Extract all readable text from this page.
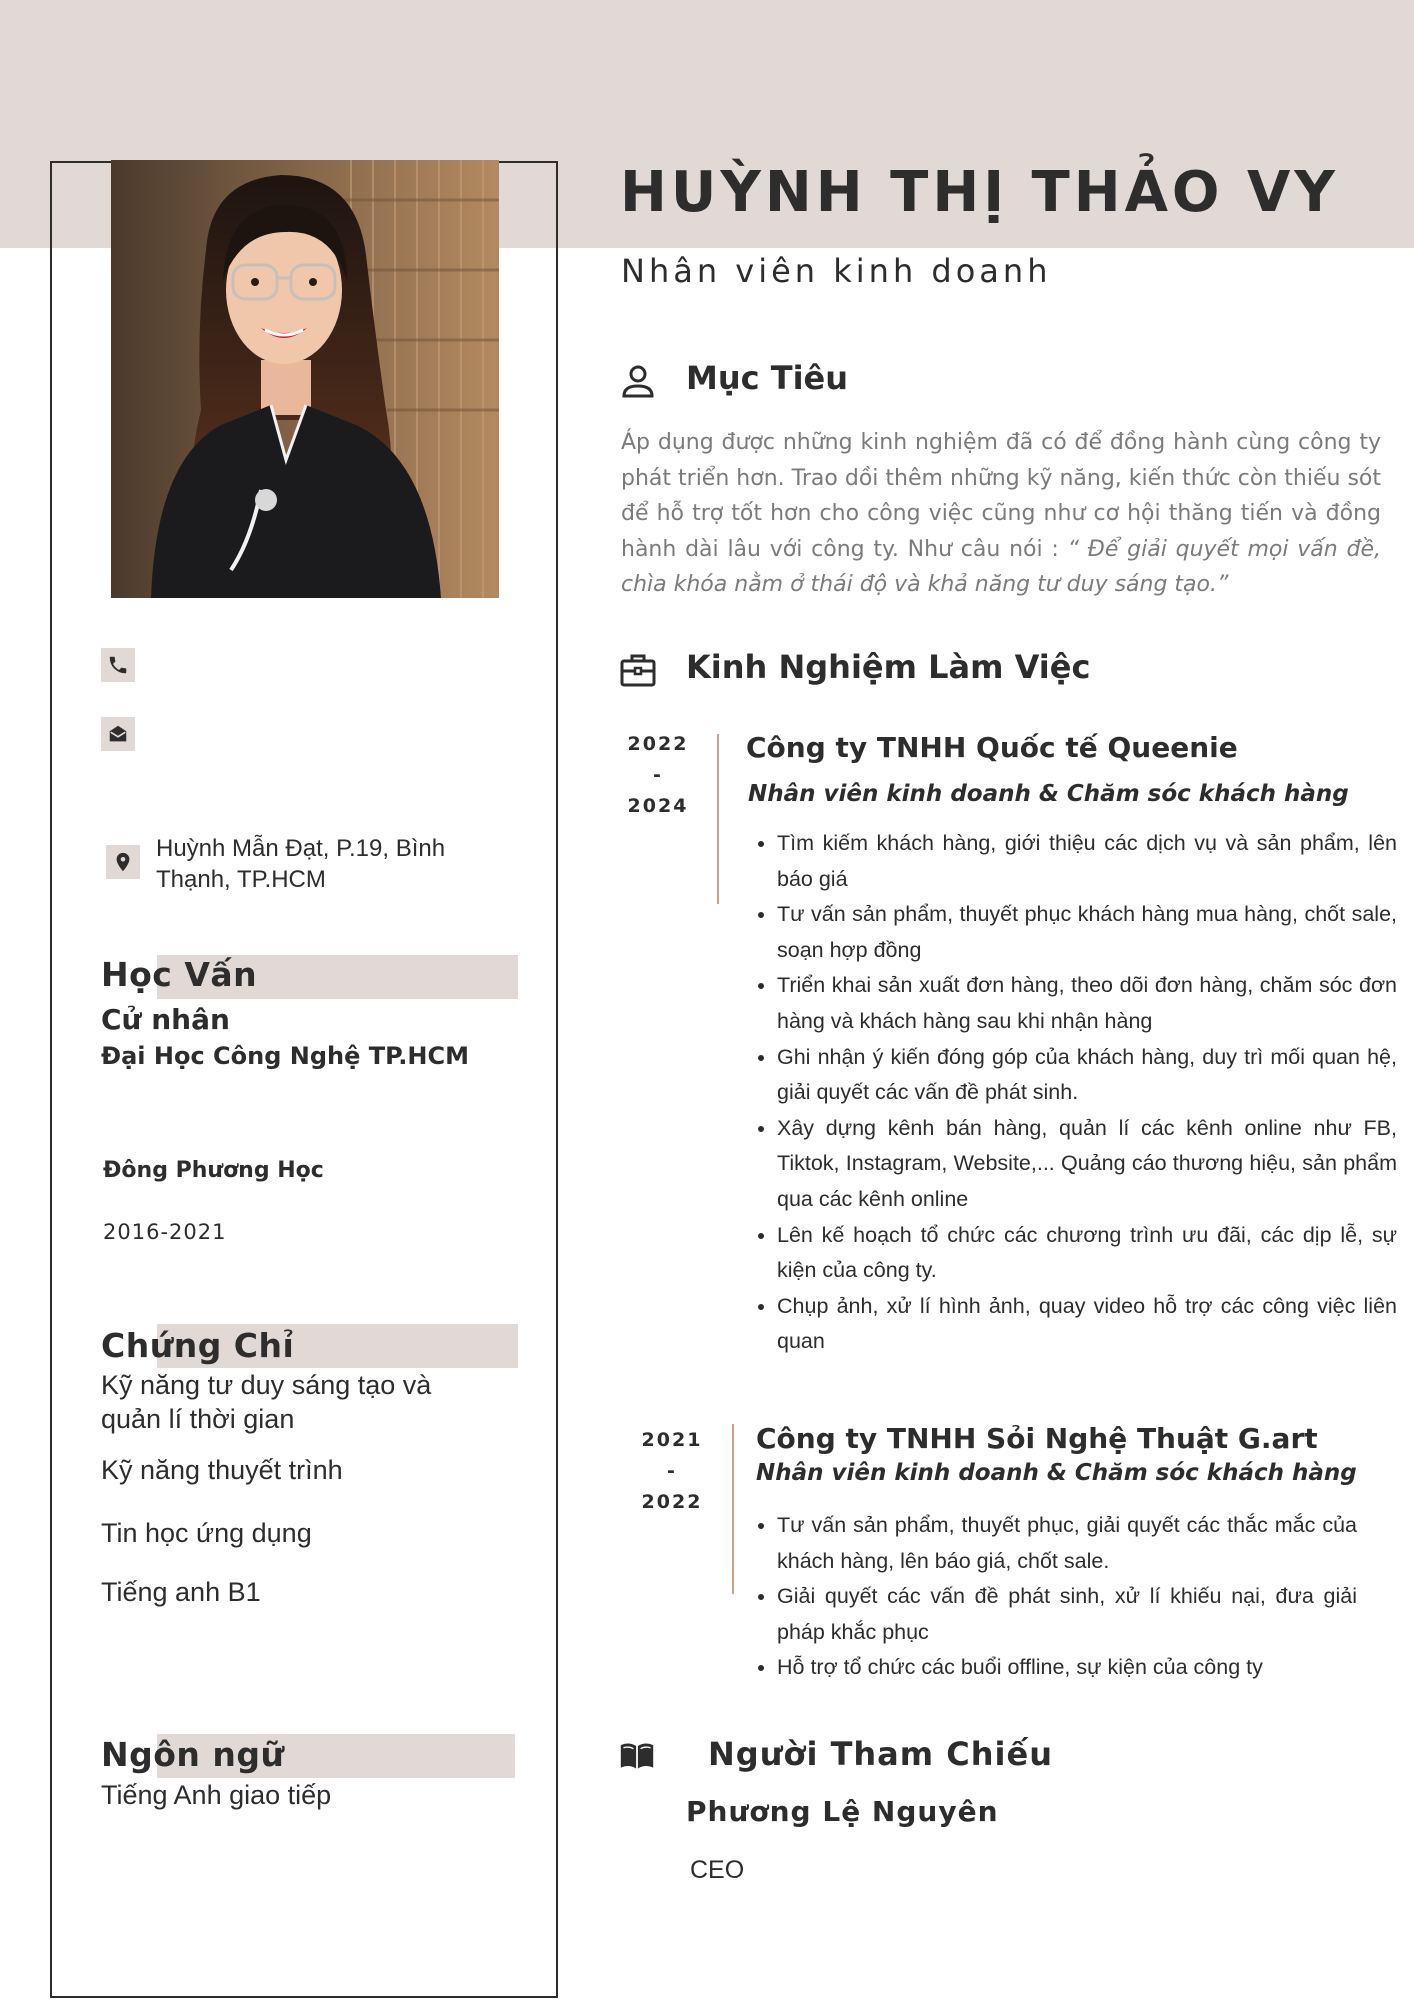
Huỳnh Mẫn Đạt, P.19, Bình
Thạnh, TP.HCM
Học Vấn
Cử nhân
Đại Học Công Nghệ TP.HCM
Đông Phương Học
2016-2021
Chứng Chỉ
Kỹ năng tư duy sáng tạo và
quản lí thời gian
Kỹ năng thuyết trình
Tin học ứng dụng
Tiếng anh B1
Ngôn ngữ
Tiếng Anh giao tiếp
HUỲNH THỊ THẢO VY
Nhân viên kinh doanh
Mục Tiêu
Áp dụng được những kinh nghiệm đã có để đồng hành cùng công ty phát triển hơn. Trao dồi thêm những kỹ năng, kiến thức còn thiếu sót để hỗ trợ tốt hơn cho công việc cũng như cơ hội thăng tiến và đồng hành dài lâu với công ty. Như câu nói : “ Để giải quyết mọi vấn đề, chìa khóa nằm ở thái độ và khả năng tư duy sáng tạo.”
Kinh Nghiệm Làm Việc
2022
-
2024
Công ty TNHH Quốc tế Queenie
Nhân viên kinh doanh & Chăm sóc khách hàng
• Tìm kiếm khách hàng, giới thiệu các dịch vụ và sản phẩm, lên báo giá
• Tư vấn sản phẩm, thuyết phục khách hàng mua hàng, chốt sale, soạn hợp đồng
• Triển khai sản xuất đơn hàng, theo dõi đơn hàng, chăm sóc đơn hàng và khách hàng sau khi nhận hàng
• Ghi nhận ý kiến đóng góp của khách hàng, duy trì mối quan hệ, giải quyết các vấn đề phát sinh.
• Xây dựng kênh bán hàng, quản lí các kênh online như FB, Tiktok, Instagram, Website,... Quảng cáo thương hiệu, sản phẩm qua các kênh online
• Lên kế hoạch tổ chức các chương trình ưu đãi, các dịp lễ, sự kiện của công ty.
• Chụp ảnh, xử lí hình ảnh, quay video hỗ trợ các công việc liên quan
2021
-
2022
Công ty TNHH Sỏi Nghệ Thuật G.art
Nhân viên kinh doanh & Chăm sóc khách hàng
• Tư vấn sản phẩm, thuyết phục, giải quyết các thắc mắc của khách hàng, lên báo giá, chốt sale.
• Giải quyết các vấn đề phát sinh, xử lí khiếu nại, đưa giải pháp khắc phục
• Hỗ trợ tổ chức các buổi offline, sự kiện của công ty
Người Tham Chiếu
Phương Lệ Nguyên
CEO
